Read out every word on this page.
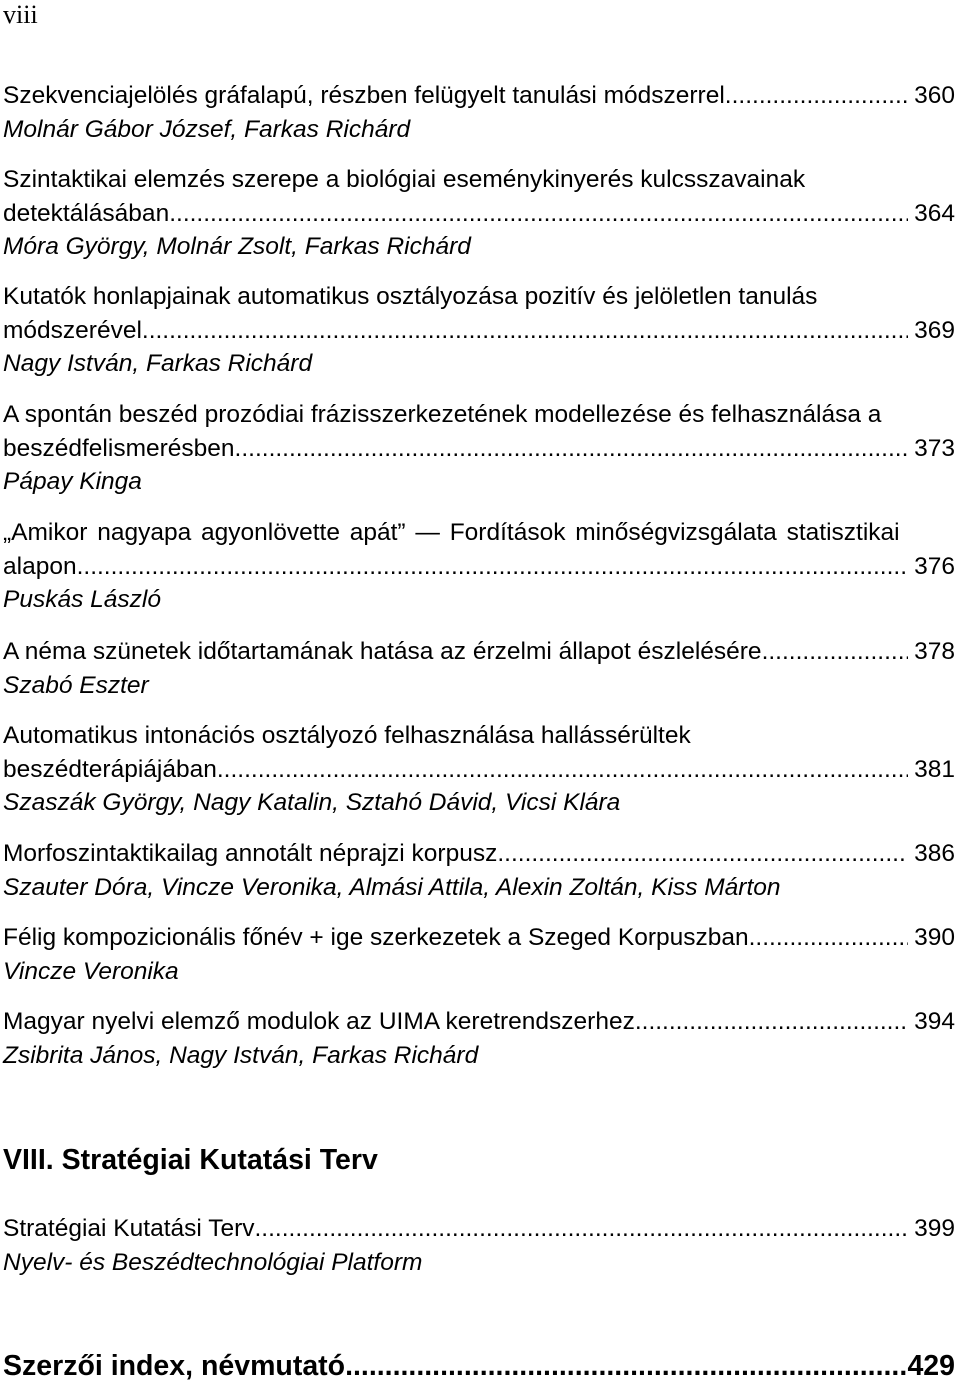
viii
Szekvenciajelölés gráfalapú, részben felügyelt tanulási módszerrel .....	360
Molnár Gábor József, Farkas Richárd
Szintaktikai elemzés szerepe a biológiai eseménykinyerés kulcsszavainak
detektálásában .....	364
Móra György, Molnár Zsolt, Farkas Richárd
Kutatók honlapjainak automatikus osztályozása pozitív és jelöletlen tanulás
módszerével .....	369
Nagy István, Farkas Richárd
A spontán beszéd prozódiai frázisszerkezetének modellezése és felhasználása a
beszédfelismerésben .....	373
Pápay Kinga
„Amikor nagyapa agyonlövette apát” — Fordítások minőségvizsgálata statisztikai
alapon .....	376
Puskás László
A néma szünetek időtartamának hatása az érzelmi állapot észlelésére .....	378
Szabó Eszter
Automatikus intonációs osztályozó felhasználása hallássérültek
beszédterápiájában .....	381
Szaszák György, Nagy Katalin, Sztahó Dávid, Vicsi Klára
Morfoszintaktikailag annotált néprajzi korpusz .....	386
Szauter Dóra, Vincze Veronika, Almási Attila, Alexin Zoltán, Kiss Márton
Félig kompozicionális főnév + ige szerkezetek a Szeged Korpuszban .....	390
Vincze Veronika
Magyar nyelvi elemző modulok az UIMA keretrendszerhez .....	394
Zsibrita János, Nagy István, Farkas Richárd
VIII. Stratégiai Kutatási Terv
Stratégiai Kutatási Terv .....	399
Nyelv- és Beszédtechnológiai Platform
Szerzői index, névmutató .....	429
